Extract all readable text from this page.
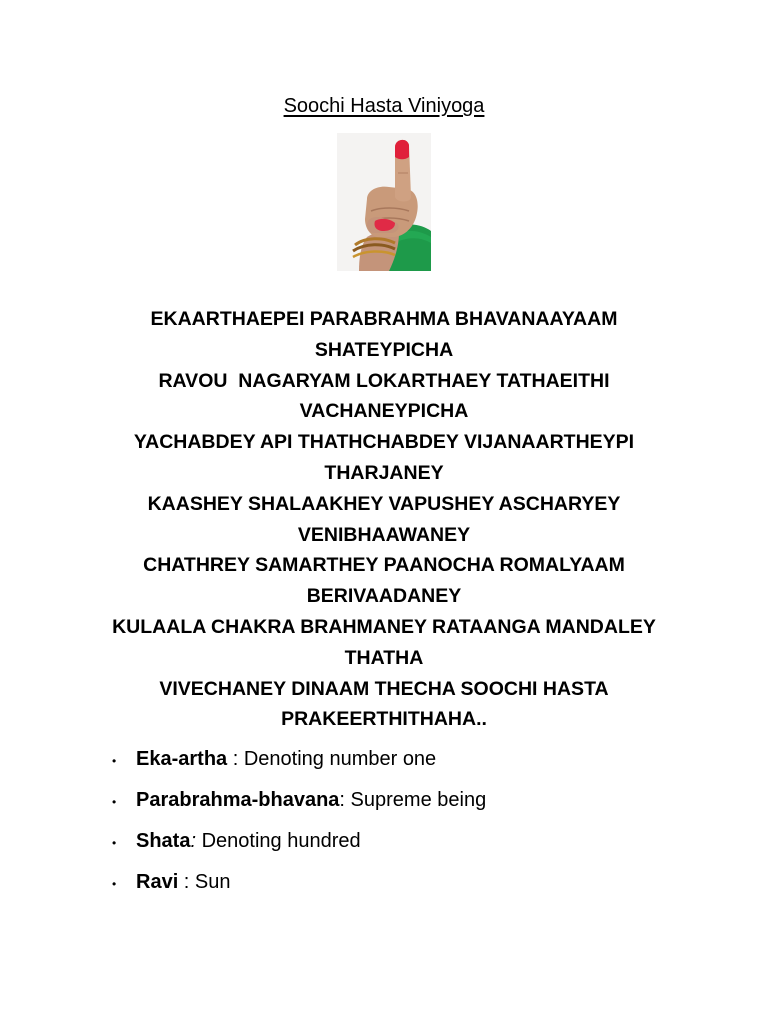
Soochi Hasta Viniyoga
EKAARTHAEPEI PARABRAHMA BHAVANAAYAAM
SHATEYPICHA
RAVOU  NAGARYAM LOKARTHAEY TATHAEITHI
VACHANEYPICHA
YACHABDEY API THATHCHABDEY VIJANAARTHEYPI
THARJANEY
KAASHEY SHALAAKHEY VAPUSHEY ASCHARYEY
VENIBHAAWANEY
CHATHREY SAMARTHEY PAANOCHA ROMALYAAM
BERIVAADANEY
KULAALA CHAKRA BRAHMANEY RATAANGA MANDALEY
THATHA
VIVECHANEY DINAAM THECHA SOOCHI HASTA
PRAKEERTHITHAHA..
• Eka-artha : Denoting number one
• Parabrahma-bhavana: Supreme being
• Shata: Denoting hundred
• Ravi : Sun
